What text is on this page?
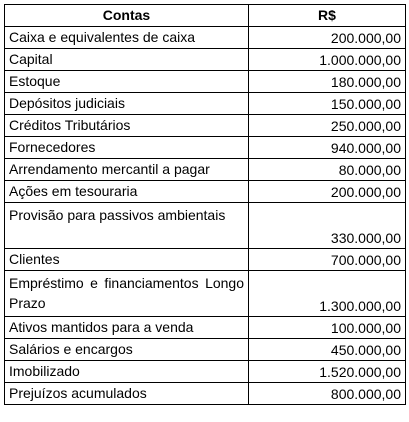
Contas	R$
Caixa e equivalentes de caixa	200.000,00
Capital	1.000.000,00
Estoque	180.000,00
Depósitos judiciais	150.000,00
Créditos Tributários	250.000,00
Fornecedores	940.000,00
Arrendamento mercantil a pagar	80.000,00
Ações em tesouraria	200.000,00
Provisão para passivos ambientais	330.000,00
Clientes	700.000,00
Empréstimo e financiamentos Longo Prazo	1.300.000,00
Ativos mantidos para a venda	100.000,00
Salários e encargos	450.000,00
Imobilizado	1.520.000,00
Prejuízos acumulados	800.000,00
